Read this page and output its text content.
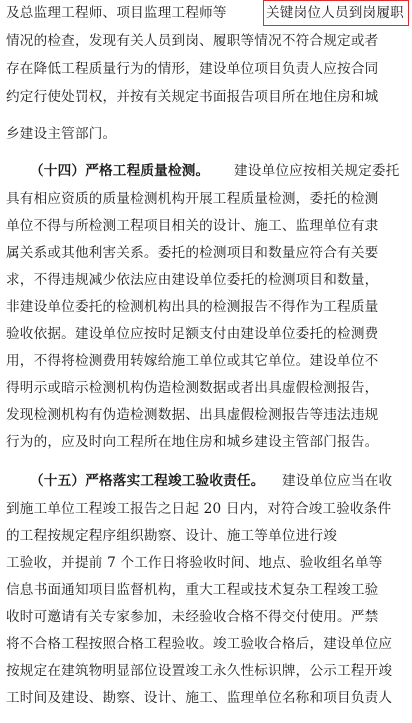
及总监理工程师、项目监理工程师等	关键岗位人员到岗履职
情况的检查，发现有关人员到岗、履职等情况不符合规定或者
存在降低工程质量行为的情形，建设单位项目负责人应按合同
约定行使处罚权，并按有关规定书面报告项目所在地住房和城
乡建设主管部门。
（十四）严格工程质量检测。 建设单位应按相关规定委托
具有相应资质的质量检测机构开展工程质量检测，委托的检测
单位不得与所检测工程项目相关的设计、施工、监理单位有隶
属关系或其他利害关系。委托的检测项目和数量应符合有关要
求，不得违规减少依法应由建设单位委托的检测项目和数量，
非建设单位委托的检测机构出具的检测报告不得作为工程质量
验收依据。建设单位应按时足额支付由建设单位委托的检测费
用，不得将检测费用转嫁给施工单位或其它单位。建设单位不
得明示或暗示检测机构伪造检测数据或者出具虚假检测报告，
发现检测机构有伪造检测数据、出具虚假检测报告等违法违规
行为的，应及时向工程所在地住房和城乡建设主管部门报告。
（十五）严格落实工程竣工验收责任。 建设单位应当在收
到施工单位工程竣工报告之日起 20 日内，对符合竣工验收条件
的工程按规定程序组织勘察、设计、施工等单位进行竣
工验收，并提前 7 个工作日将验收时间、地点、验收组名单等
信息书面通知项目监督机构，重大工程或技术复杂工程竣工验
收时可邀请有关专家参加，未经验收合格不得交付使用。严禁
将不合格工程按照合格工程验收。竣工验收合格后，建设单位应
按规定在建筑物明显部位设置竣工永久性标识牌，公示工程开竣
工时间及建设、勘察、设计、施工、监理单位名称和项目负责人
